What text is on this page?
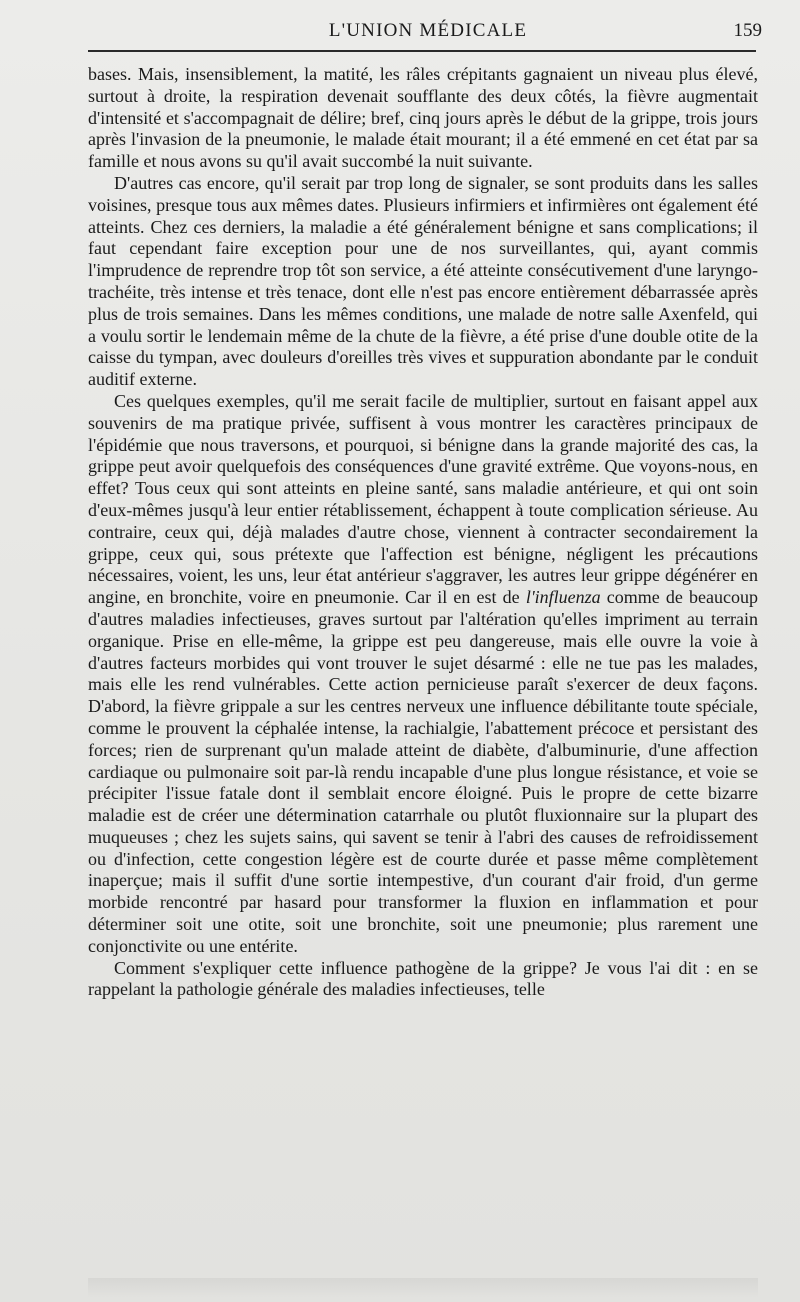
L'UNION MÉDICALE	159

bases. Mais, insensiblement, la matité, les râles crépitants gagnaient un niveau plus élevé, surtout à droite, la respiration devenait soufflante des deux côtés, la fièvre augmentait d'intensité et s'accompagnait de délire; bref, cinq jours après le début de la grippe, trois jours après l'invasion de la pneumonie, le malade était mourant; il a été emmené en cet état par sa famille et nous avons su qu'il avait succombé la nuit suivante.

D'autres cas encore, qu'il serait par trop long de signaler, se sont produits dans les salles voisines, presque tous aux mêmes dates. Plusieurs infirmiers et infirmières ont également été atteints. Chez ces derniers, la maladie a été généralement bénigne et sans complications; il faut cependant faire exception pour une de nos surveillantes, qui, ayant commis l'imprudence de reprendre trop tôt son service, a été atteinte consécutivement d'une laryngo-trachéite, très intense et très tenace, dont elle n'est pas encore entièrement débarrassée après plus de trois semaines. Dans les mêmes conditions, une malade de notre salle Axenfeld, qui a voulu sortir le lendemain même de la chute de la fièvre, a été prise d'une double otite de la caisse du tympan, avec douleurs d'oreilles très vives et suppuration abondante par le conduit auditif externe.

Ces quelques exemples, qu'il me serait facile de multiplier, surtout en faisant appel aux souvenirs de ma pratique privée, suffisent à vous montrer les caractères principaux de l'épidémie que nous traversons, et pourquoi, si bénigne dans la grande majorité des cas, la grippe peut avoir quelquefois des conséquences d'une gravité extrême. Que voyons-nous, en effet? Tous ceux qui sont atteints en pleine santé, sans maladie antérieure, et qui ont soin d'eux-mêmes jusqu'à leur entier rétablissement, échappent à toute complication sérieuse. Au contraire, ceux qui, déjà malades d'autre chose, viennent à contracter secondairement la grippe, ceux qui, sous prétexte que l'affection est bénigne, négligent les précautions nécessaires, voient, les uns, leur état antérieur s'aggraver, les autres leur grippe dégénérer en angine, en bronchite, voire en pneumonie. Car il en est de l'influenza comme de beaucoup d'autres maladies infectieuses, graves surtout par l'altération qu'elles impriment au terrain organique. Prise en elle-même, la grippe est peu dangereuse, mais elle ouvre la voie à d'autres facteurs morbides qui vont trouver le sujet désarmé : elle ne tue pas les malades, mais elle les rend vulnérables. Cette action pernicieuse paraît s'exercer de deux façons. D'abord, la fièvre grippale a sur les centres nerveux une influence débilitante toute spéciale, comme le prouvent la céphalée intense, la rachialgie, l'abattement précoce et persistant des forces; rien de surprenant qu'un malade atteint de diabète, d'albuminurie, d'une affection cardiaque ou pulmonaire soit par-là rendu incapable d'une plus longue résistance, et voie se précipiter l'issue fatale dont il semblait encore éloigné. Puis le propre de cette bizarre maladie est de créer une détermination catarrhale ou plutôt fluxionnaire sur la plupart des muqueuses ; chez les sujets sains, qui savent se tenir à l'abri des causes de refroidissement ou d'infection, cette congestion légère est de courte durée et passe même complètement inaperçue; mais il suffit d'une sortie intempestive, d'un courant d'air froid, d'un germe morbide rencontré par hasard pour transformer la fluxion en inflammation et pour déterminer soit une otite, soit une bronchite, soit une pneumonie; plus rarement une conjonctivite ou une entérite.

Comment s'expliquer cette influence pathogène de la grippe? Je vous l'ai dit : en se rappelant la pathologie générale des maladies infectieuses, telle
